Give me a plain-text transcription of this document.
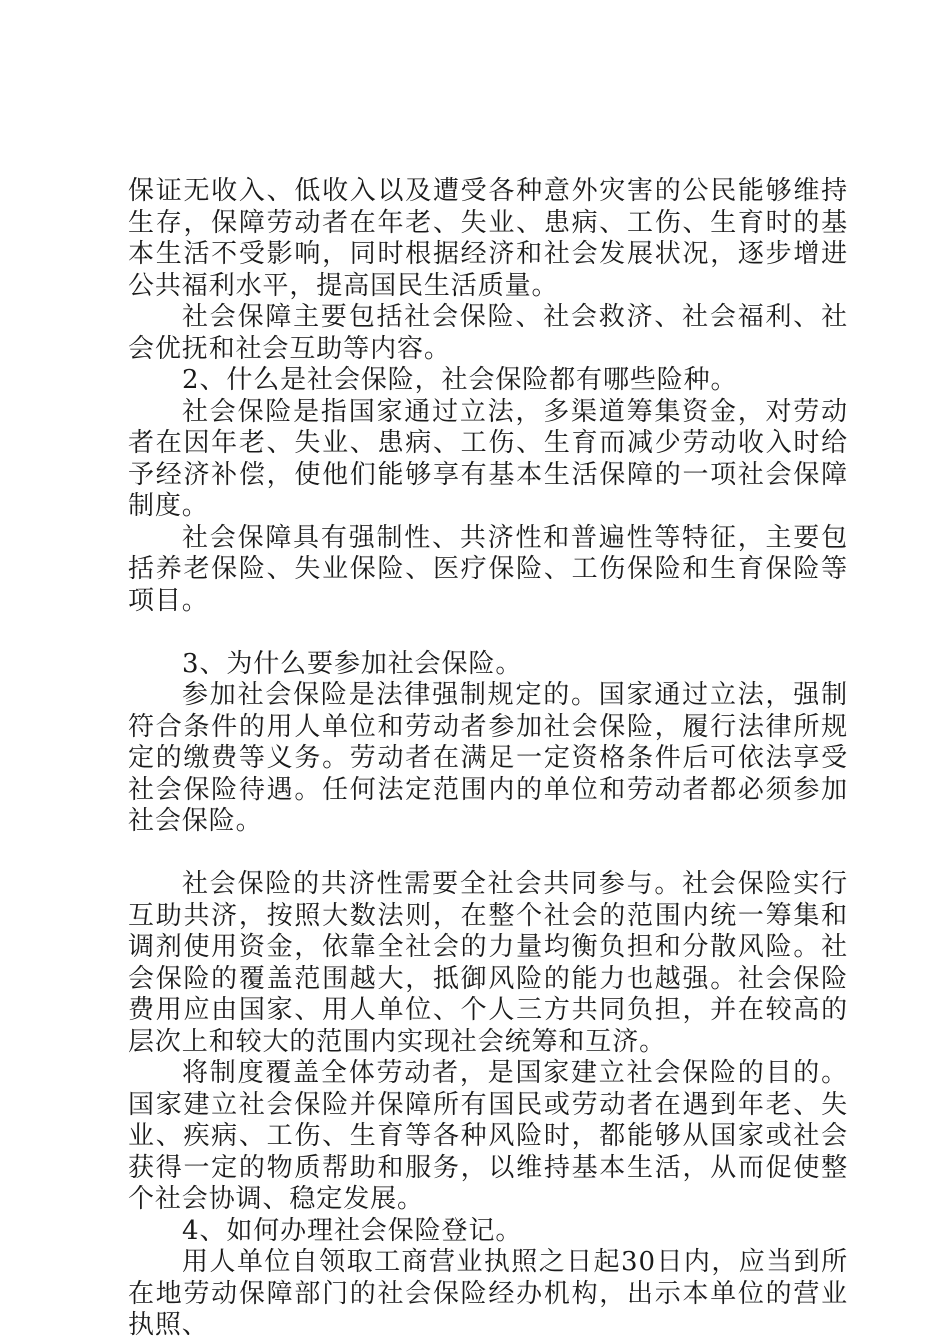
保证无收入、低收入以及遭受各种意外灾害的公民能够维持生存，保障劳动者在年老、失业、患病、工伤、生育时的基本生活不受影响，同时根据经济和社会发展状况，逐步增进公共福利水平，提高国民生活质量。

社会保障主要包括社会保险、社会救济、社会福利、社会优抚和社会互助等内容。

2、什么是社会保险，社会保险都有哪些险种。

社会保险是指国家通过立法，多渠道筹集资金，对劳动者在因年老、失业、患病、工伤、生育而减少劳动收入时给予经济补偿，使他们能够享有基本生活保障的一项社会保障制度。

社会保障具有强制性、共济性和普遍性等特征，主要包括养老保险、失业保险、医疗保险、工伤保险和生育保险等项目。

3、为什么要参加社会保险。

参加社会保险是法律强制规定的。国家通过立法，强制符合条件的用人单位和劳动者参加社会保险，履行法律所规定的缴费等义务。劳动者在满足一定资格条件后可依法享受社会保险待遇。任何法定范围内的单位和劳动者都必须参加社会保险。

社会保险的共济性需要全社会共同参与。社会保险实行互助共济，按照大数法则，在整个社会的范围内统一筹集和调剂使用资金，依靠全社会的力量均衡负担和分散风险。社会保险的覆盖范围越大，抵御风险的能力也越强。社会保险费用应由国家、用人单位、个人三方共同负担，并在较高的层次上和较大的范围内实现社会统筹和互济。

将制度覆盖全体劳动者，是国家建立社会保险的目的。国家建立社会保险并保障所有国民或劳动者在遇到年老、失业、疾病、工伤、生育等各种风险时，都能够从国家或社会获得一定的物质帮助和服务，以维持基本生活，从而促使整个社会协调、稳定发展。

4、如何办理社会保险登记。

用人单位自领取工商营业执照之日起30日内，应当到所在地劳动保障部门的社会保险经办机构，出示本单位的营业执照、
